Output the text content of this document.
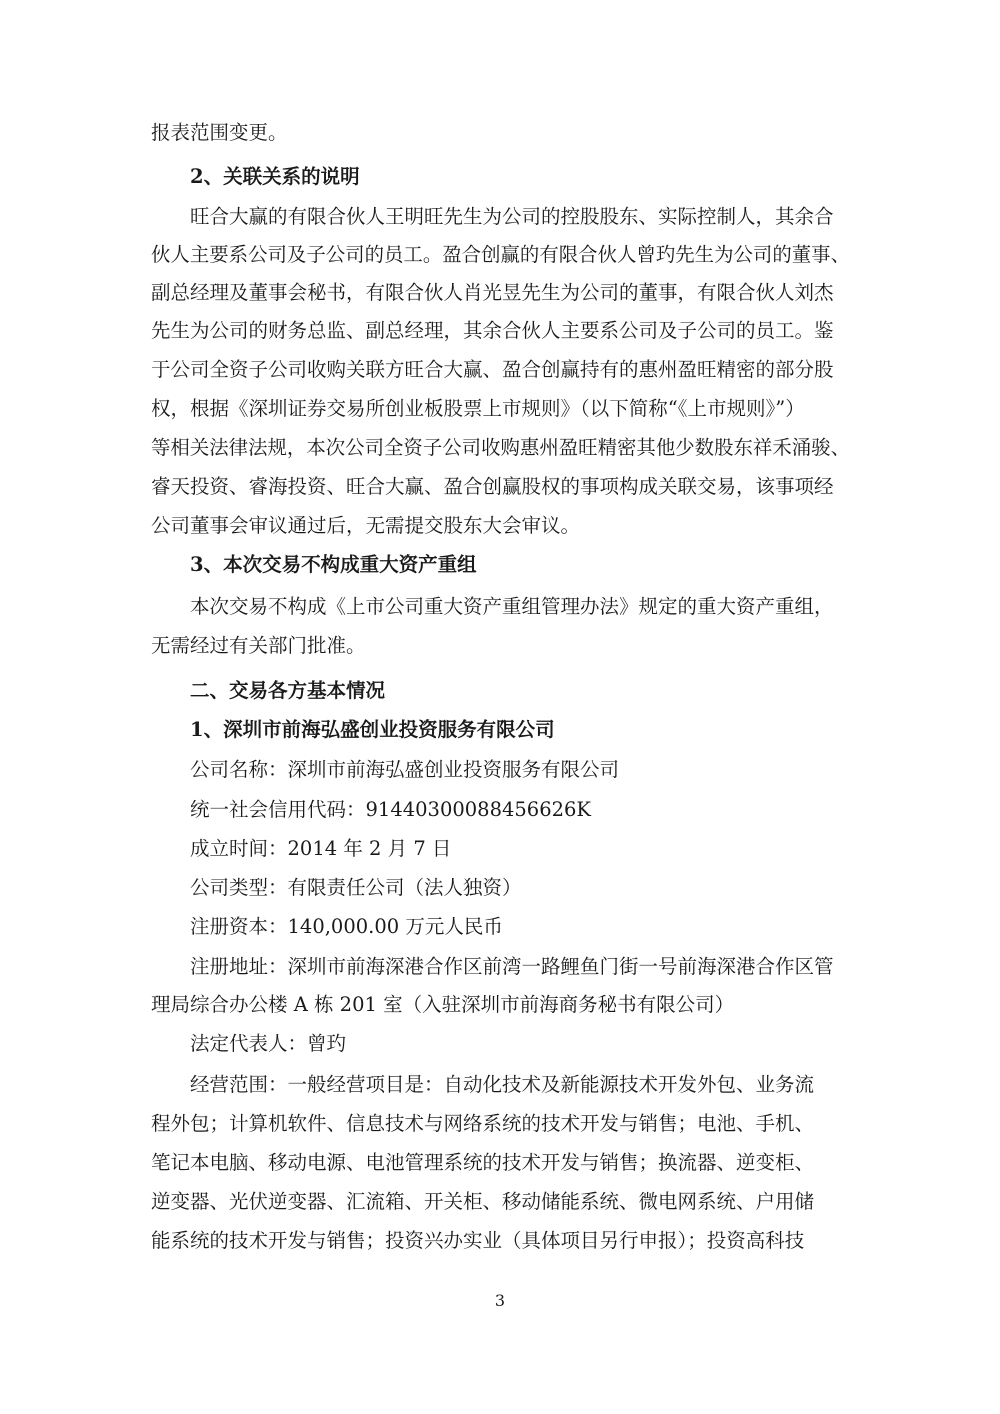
报表范围变更。
2、关联关系的说明
旺合大赢的有限合伙人王明旺先生为公司的控股股东、实际控制人，其余合
伙人主要系公司及子公司的员工。盈合创赢的有限合伙人曾玓先生为公司的董事、
副总经理及董事会秘书，有限合伙人肖光昱先生为公司的董事，有限合伙人刘杰
先生为公司的财务总监、副总经理，其余合伙人主要系公司及子公司的员工。鉴
于公司全资子公司收购关联方旺合大赢、盈合创赢持有的惠州盈旺精密的部分股
权，根据《深圳证券交易所创业板股票上市规则》（以下简称“《上市规则》”）
等相关法律法规，本次公司全资子公司收购惠州盈旺精密其他少数股东祥禾涌骏、
睿天投资、睿海投资、旺合大赢、盈合创赢股权的事项构成关联交易，该事项经
公司董事会审议通过后，无需提交股东大会审议。
3、本次交易不构成重大资产重组
本次交易不构成《上市公司重大资产重组管理办法》规定的重大资产重组，
无需经过有关部门批准。
二、交易各方基本情况
1、深圳市前海弘盛创业投资服务有限公司
公司名称：深圳市前海弘盛创业投资服务有限公司
统一社会信用代码：91440300088456626K
成立时间：2014 年 2 月 7 日
公司类型：有限责任公司（法人独资）
注册资本：140,000.00 万元人民币
注册地址：深圳市前海深港合作区前湾一路鲤鱼门街一号前海深港合作区管
理局综合办公楼 A 栋 201 室（入驻深圳市前海商务秘书有限公司）
法定代表人：曾玓
经营范围：一般经营项目是：自动化技术及新能源技术开发外包、业务流
程外包；计算机软件、信息技术与网络系统的技术开发与销售；电池、手机、
笔记本电脑、移动电源、电池管理系统的技术开发与销售；换流器、逆变柜、
逆变器、光伏逆变器、汇流箱、开关柜、移动储能系统、微电网系统、户用储
能系统的技术开发与销售；投资兴办实业（具体项目另行申报）；投资高科技
3
